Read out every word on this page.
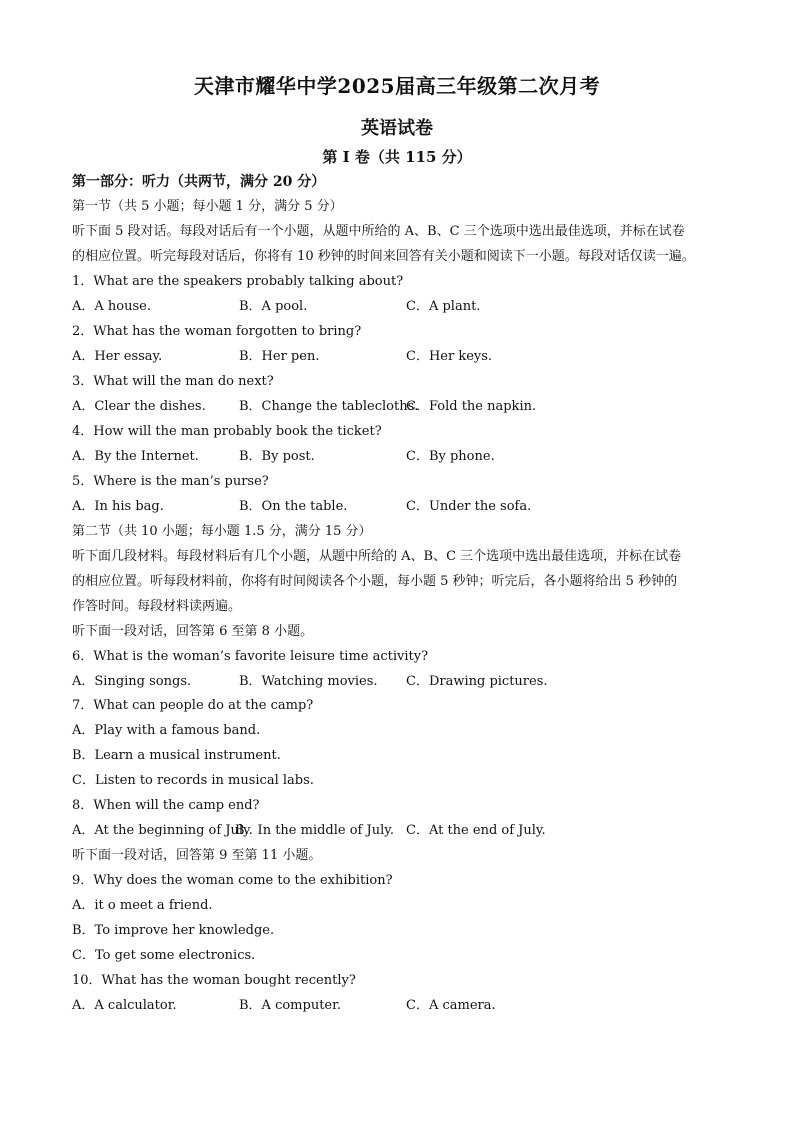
天津市耀华中学2025届高三年级第二次月考
英语试卷
第 I 卷（共 115 分）
第一部分：听力（共两节，满分 20 分）
第一节（共 5 小题；每小题 1 分，满分 5 分）
听下面 5 段对话。每段对话后有一个小题，从题中所给的 A、B、C 三个选项中选出最佳选项，并标在试卷
的相应位置。听完每段对话后，你将有 10 秒钟的时间来回答有关小题和阅读下一小题。每段对话仅读一遍。
1．What are the speakers probably talking about?
A．A house.	B．A pool.	C．A plant.
2．What has the woman forgotten to bring?
A．Her essay.	B．Her pen.	C．Her keys.
3．What will the man do next?
A．Clear the dishes.	B．Change the tablecloths.
C．Fold the napkin.
4．How will the man probably book the ticket?
A．By the Internet.	B．By post.	C．By phone.
5．Where is the man’s purse?
A．In his bag.	B．On the table.	C．Under the sofa.
第二节（共 10 小题；每小题 1.5 分，满分 15 分）
听下面几段材料。每段材料后有几个小题，从题中所给的 A、B、C 三个选项中选出最佳选项，并标在试卷
的相应位置。听每段材料前，你将有时间阅读各个小题，每小题 5 秒钟；听完后，各小题将给出 5 秒钟的
作答时间。每段材料读两遍。
听下面一段对话，回答第 6 至第 8 小题。
6．What is the woman’s favorite leisure time activity?
A．Singing songs.	B．Watching movies. C．Drawing pictures.
7．What can people do at the camp?
A．Play with a famous band.
B．Learn a musical instrument.
C．Listen to records in musical labs.
8．When will the camp end?
A．At the beginning of July.
B．In the middle of July. C．At the end of July.
听下面一段对话，回答第 9 至第 11 小题。
9．Why does the woman come to the exhibition?
A．it o meet a friend.
B．To improve her knowledge.
C．To get some electronics.
10．What has the woman bought recently?
A．A calculator.	B．A computer.	C．A camera.
